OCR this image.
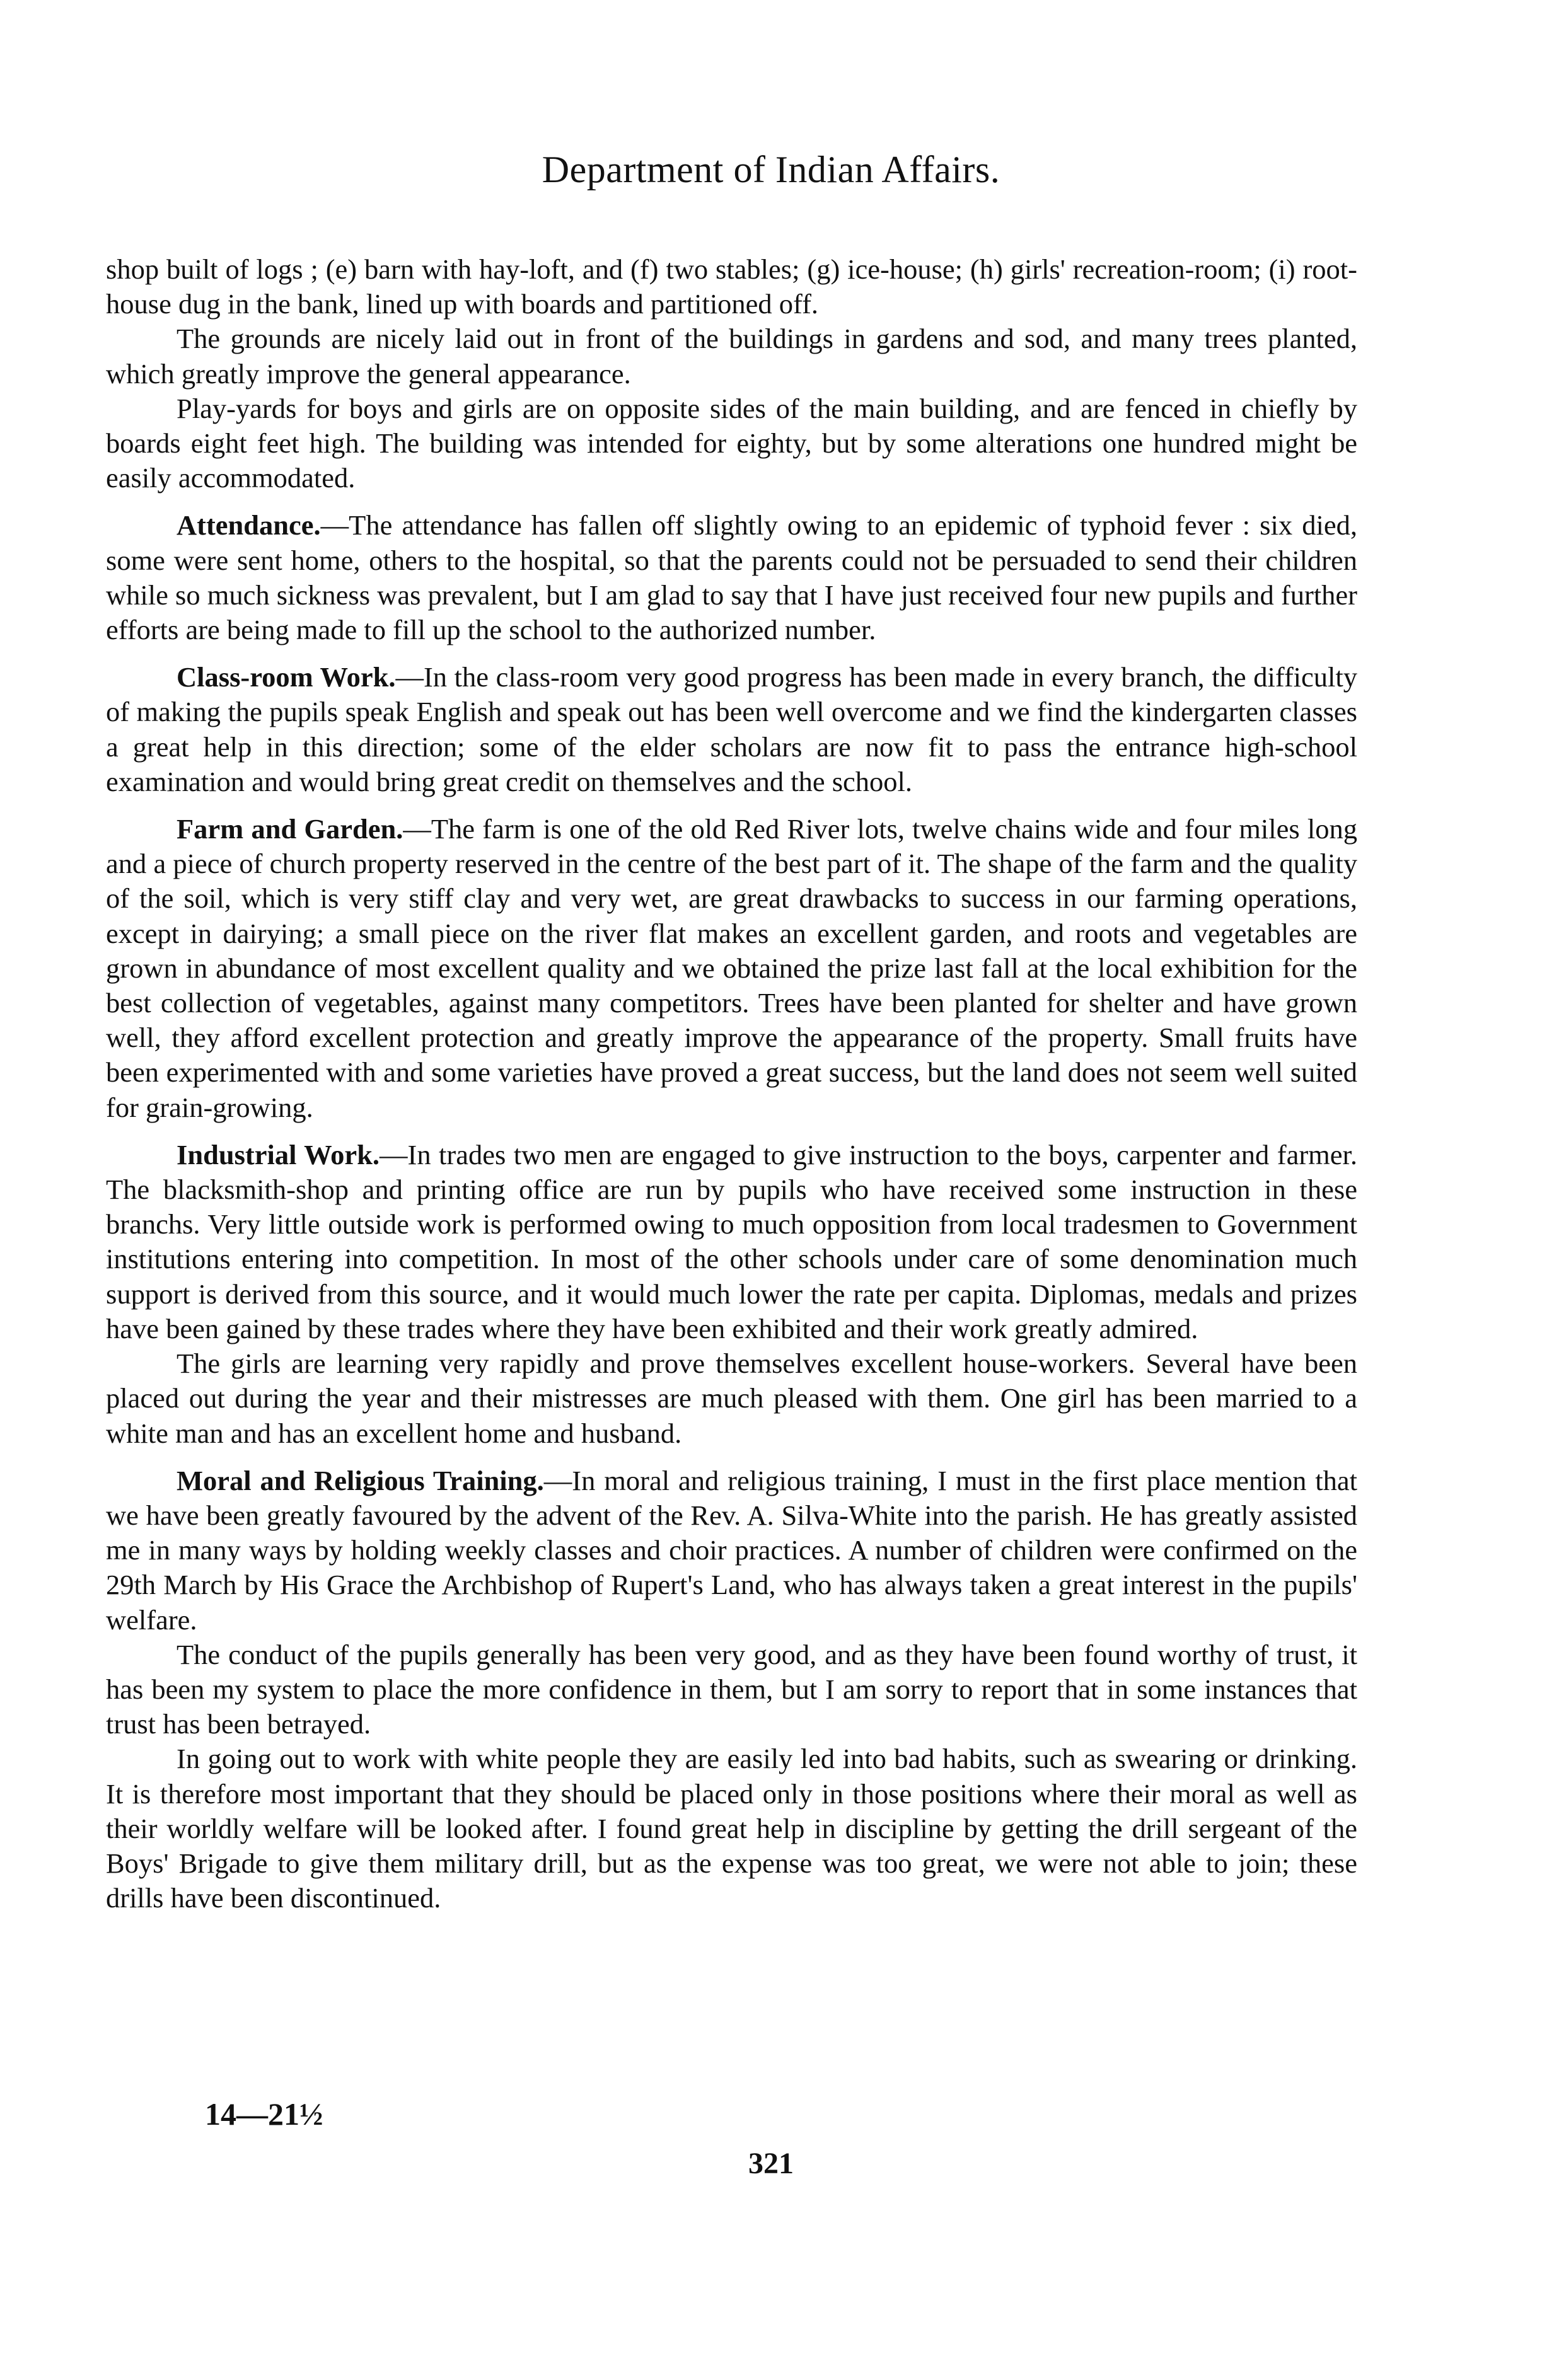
Department of Indian Affairs.

shop built of logs ; (e) barn with hay-loft, and (f) two stables; (g) ice-house; (h) girls' recreation-room; (i) root-house dug in the bank, lined up with boards and partitioned off.

The grounds are nicely laid out in front of the buildings in gardens and sod, and many trees planted, which greatly improve the general appearance.

Play-yards for boys and girls are on opposite sides of the main building, and are fenced in chiefly by boards eight feet high. The building was intended for eighty, but by some alterations one hundred might be easily accommodated.

Attendance.—The attendance has fallen off slightly owing to an epidemic of typhoid fever : six died, some were sent home, others to the hospital, so that the parents could not be persuaded to send their children while so much sickness was prevalent, but I am glad to say that I have just received four new pupils and further efforts are being made to fill up the school to the authorized number.

Class-room Work.—In the class-room very good progress has been made in every branch, the difficulty of making the pupils speak English and speak out has been well overcome and we find the kindergarten classes a great help in this direction; some of the elder scholars are now fit to pass the entrance high-school examination and would bring great credit on themselves and the school.

Farm and Garden.—The farm is one of the old Red River lots, twelve chains wide and four miles long and a piece of church property reserved in the centre of the best part of it. The shape of the farm and the quality of the soil, which is very stiff clay and very wet, are great drawbacks to success in our farming operations, except in dairying; a small piece on the river flat makes an excellent garden, and roots and vegetables are grown in abundance of most excellent quality and we obtained the prize last fall at the local exhibition for the best collection of vegetables, against many competitors. Trees have been planted for shelter and have grown well, they afford excellent protection and greatly improve the appearance of the property. Small fruits have been experimented with and some varieties have proved a great success, but the land does not seem well suited for grain-growing.

Industrial Work.—In trades two men are engaged to give instruction to the boys, carpenter and farmer. The blacksmith-shop and printing office are run by pupils who have received some instruction in these branchs. Very little outside work is performed owing to much opposition from local tradesmen to Government institutions entering into competition. In most of the other schools under care of some denomination much support is derived from this source, and it would much lower the rate per capita. Diplomas, medals and prizes have been gained by these trades where they have been exhibited and their work greatly admired.

The girls are learning very rapidly and prove themselves excellent house-workers. Several have been placed out during the year and their mistresses are much pleased with them. One girl has been married to a white man and has an excellent home and husband.

Moral and Religious Training.—In moral and religious training, I must in the first place mention that we have been greatly favoured by the advent of the Rev. A. Silva-White into the parish. He has greatly assisted me in many ways by holding weekly classes and choir practices. A number of children were confirmed on the 29th March by His Grace the Archbishop of Rupert's Land, who has always taken a great interest in the pupils' welfare.

The conduct of the pupils generally has been very good, and as they have been found worthy of trust, it has been my system to place the more confidence in them, but I am sorry to report that in some instances that trust has been betrayed.

In going out to work with white people they are easily led into bad habits, such as swearing or drinking. It is therefore most important that they should be placed only in those positions where their moral as well as their worldly welfare will be looked after. I found great help in discipline by getting the drill sergeant of the Boys' Brigade to give them military drill, but as the expense was too great, we were not able to join; these drills have been discontinued.

14—21½
321
